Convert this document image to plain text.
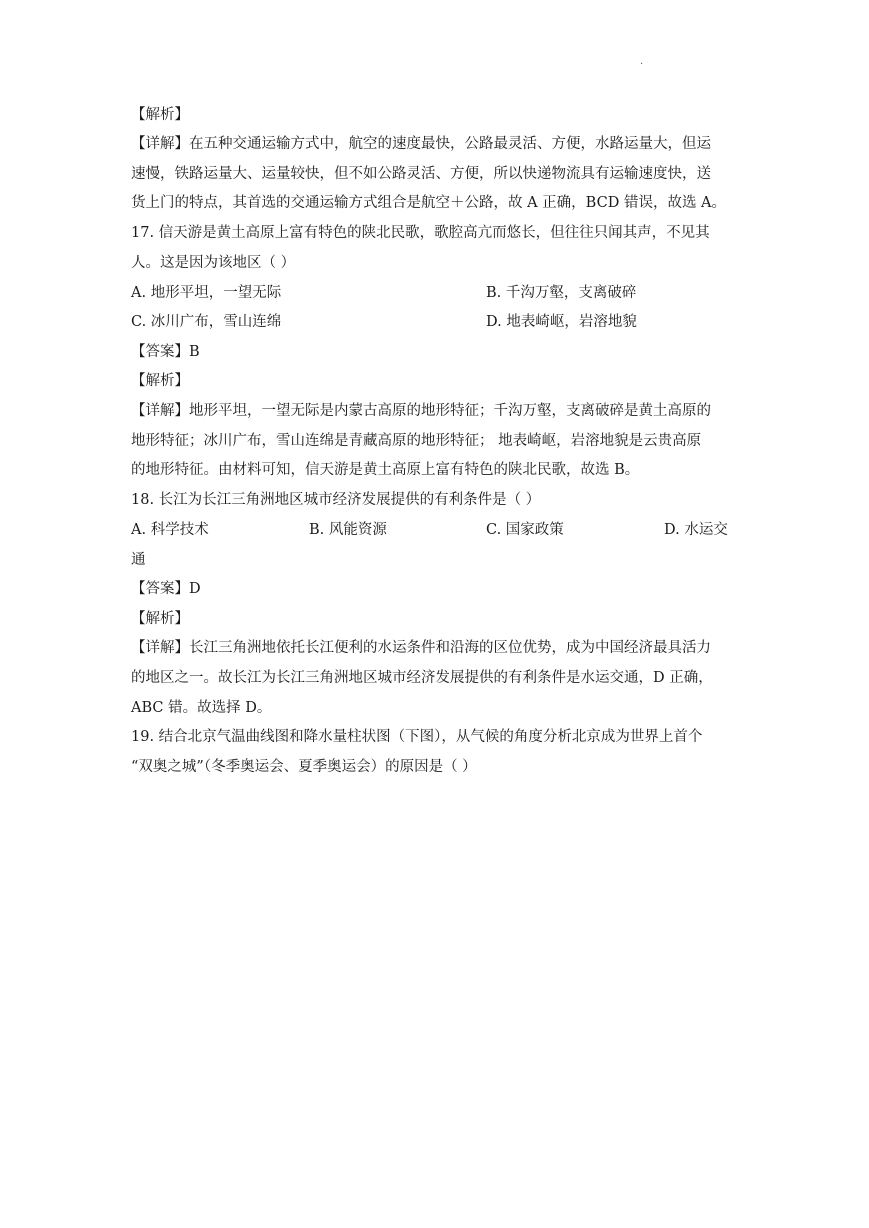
.
【解析】
【详解】在五种交通运输方式中，航空的速度最快，公路最灵活、方便，水路运量大，但运
速慢，铁路运量大、运量较快，但不如公路灵活、方便，所以快递物流具有运输速度快，送
货上门的特点，其首选的交通运输方式组合是航空＋公路，故 A 正确，BCD 错误，故选 A。
17. 信天游是黄土高原上富有特色的陕北民歌，歌腔高亢而悠长，但往往只闻其声，不见其
人。这是因为该地区（ ）
A. 地形平坦，一望无际	B. 千沟万壑，支离破碎
C. 冰川广布，雪山连绵	D. 地表崎岖，岩溶地貌
【答案】B
【解析】
【详解】地形平坦，一望无际是内蒙古高原的地形特征；千沟万壑，支离破碎是黄土高原的
地形特征；冰川广布，雪山连绵是青藏高原的地形特征； 地表崎岖，岩溶地貌是云贵高原
的地形特征。由材料可知，信天游是黄土高原上富有特色的陕北民歌，故选 B。
18. 长江为长江三角洲地区城市经济发展提供的有利条件是（ ）
A. 科学技术	B. 风能资源	C. 国家政策	D. 水运交
通
【答案】D
【解析】
【详解】长江三角洲地依托长江便利的水运条件和沿海的区位优势，成为中国经济最具活力
的地区之一。故长江为长江三角洲地区城市经济发展提供的有利条件是水运交通，D 正确，
ABC 错。故选择 D。
19. 结合北京气温曲线图和降水量柱状图（下图），从气候的角度分析北京成为世界上首个
“双奥之城”（冬季奥运会、夏季奥运会）的原因是（ ）
